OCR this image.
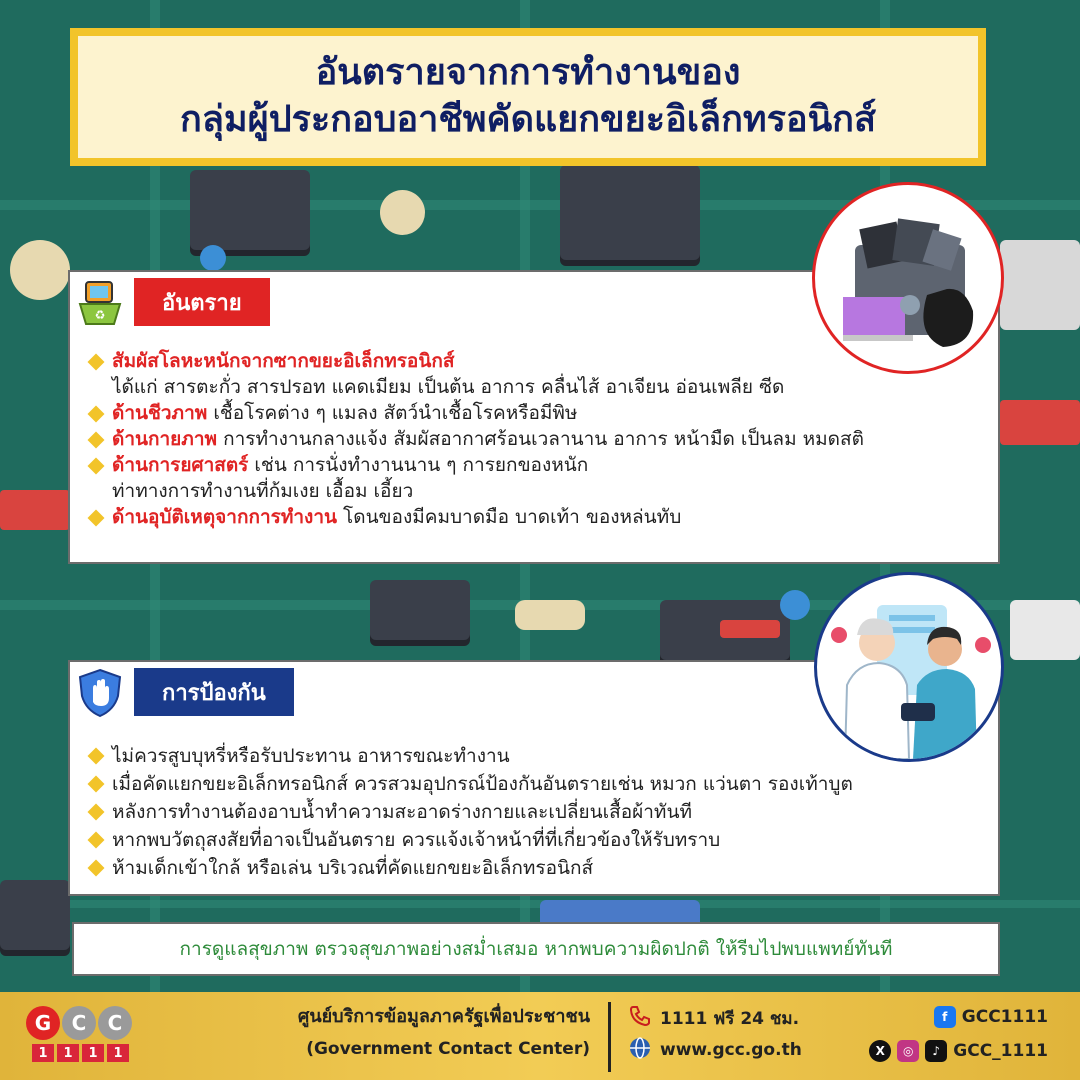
อันตรายจากการทำงานของ
กลุ่มผู้ประกอบอาชีพคัดแยกขยะอิเล็กทรอนิกส์
♻	อันตราย
สัมผัสโลหะหนักจากซากขยะอิเล็กทรอนิกส์
ได้แก่ สารตะกั่ว สารปรอท แคดเมียม เป็นต้น อาการ คลื่นไส้ อาเจียน อ่อนเพลีย ซีด
ด้านชีวภาพ เชื้อโรคต่าง ๆ แมลง สัตว์นำเชื้อโรคหรือมีพิษ
ด้านกายภาพ การทำงานกลางแจ้ง สัมผัสอากาศร้อนเวลานาน อาการ หน้ามืด เป็นลม หมดสติ
ด้านการยศาสตร์ เช่น การนั่งทำงานนาน ๆ การยกของหนัก
ท่าทางการทำงานที่ก้มเงย เอื้อม เอี้ยว
ด้านอุบัติเหตุจากการทำงาน โดนของมีคมบาดมือ บาดเท้า ของหล่นทับ
การป้องกัน
ไม่ควรสูบบุหรี่หรือรับประทาน อาหารขณะทำงาน
เมื่อคัดแยกขยะอิเล็กทรอนิกส์ ควรสวมอุปกรณ์ป้องกันอันตรายเช่น หมวก แว่นตา รองเท้าบูต
หลังการทำงานต้องอาบน้ำทำความสะอาดร่างกายและเปลี่ยนเสื้อผ้าทันที
หากพบวัตถุสงสัยที่อาจเป็นอันตราย ควรแจ้งเจ้าหน้าที่ที่เกี่ยวข้องให้รับทราบ
ห้ามเด็กเข้าใกล้ หรือเล่น บริเวณที่คัดแยกขยะอิเล็กทรอนิกส์
การดูแลสุขภาพ ตรวจสุขภาพอย่างสม่ำเสมอ หากพบความผิดปกติ ให้รีบไปพบแพทย์ทันที
G	C	C
1	1	1	1
ศูนย์บริการข้อมูลภาครัฐเพื่อประชาชน
(Government Contact Center)
1111 ฟรี 24 ชม.
www.gcc.go.th
f GCC1111
X	◎	♪ GCC_1111
